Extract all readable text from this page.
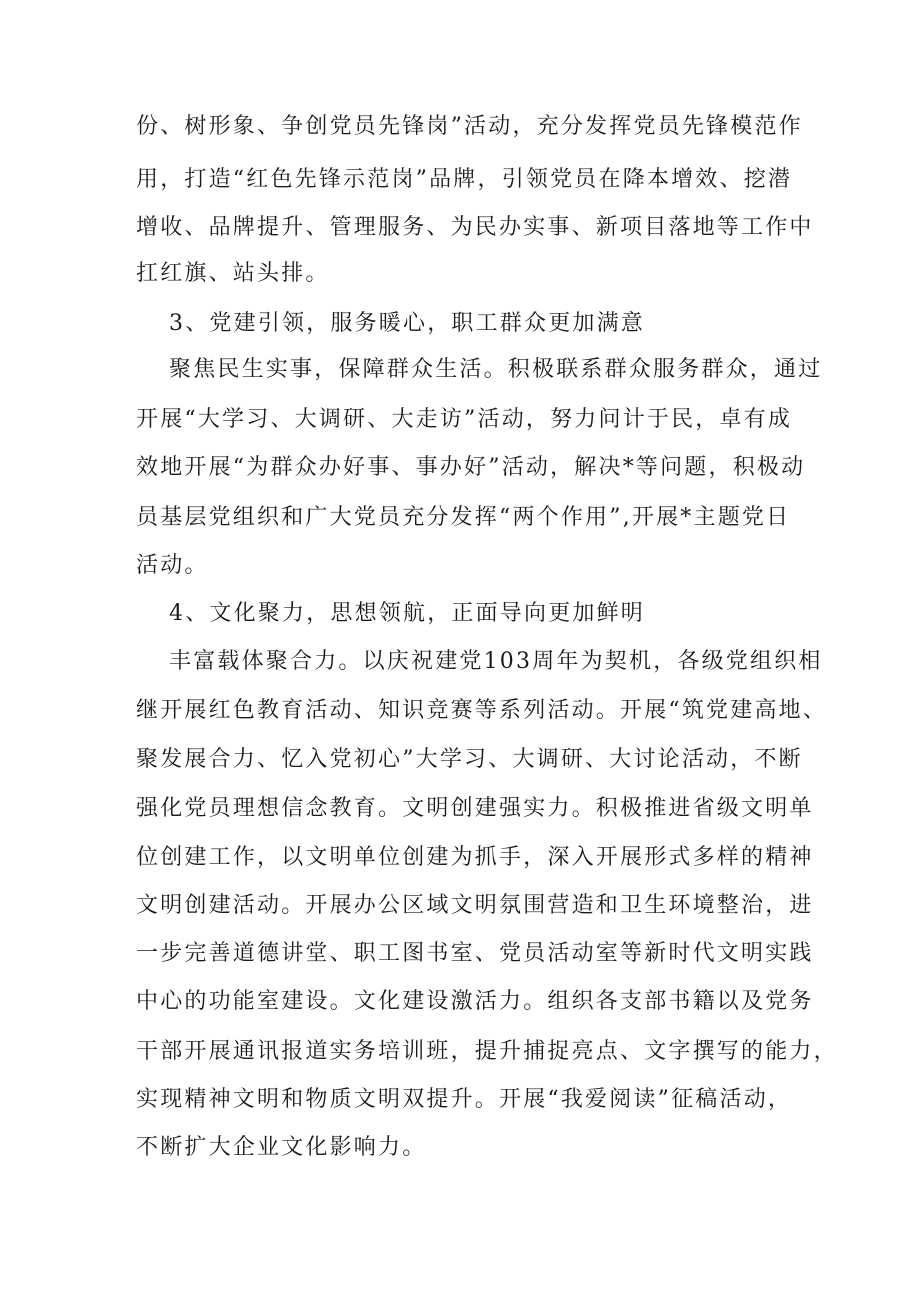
份、树形象、争创党员先锋岗”活动，充分发挥党员先锋模范作
用，打造“红色先锋示范岗”品牌，引领党员在降本增效、挖潜
增收、品牌提升、管理服务、为民办实事、新项目落地等工作中
扛红旗、站头排。
3、党建引领，服务暖心，职工群众更加满意
聚焦民生实事，保障群众生活。积极联系群众服务群众，通过
开展“大学习、大调研、大走访”活动，努力问计于民，卓有成
效地开展“为群众办好事、事办好”活动，解决*等问题，积极动
员基层党组织和广大党员充分发挥“两个作用”,开展*主题党日
活动。
4、文化聚力，思想领航，正面导向更加鲜明
丰富载体聚合力。以庆祝建党103周年为契机，各级党组织相
继开展红色教育活动、知识竞赛等系列活动。开展“筑党建高地、
聚发展合力、忆入党初心”大学习、大调研、大讨论活动，不断
强化党员理想信念教育。文明创建强实力。积极推进省级文明单
位创建工作，以文明单位创建为抓手，深入开展形式多样的精神
文明创建活动。开展办公区域文明氛围营造和卫生环境整治，进
一步完善道德讲堂、职工图书室、党员活动室等新时代文明实践
中心的功能室建设。文化建设激活力。组织各支部书籍以及党务
干部开展通讯报道实务培训班，提升捕捉亮点、文字撰写的能力，
实现精神文明和物质文明双提升。开展“我爱阅读”征稿活动，
不断扩大企业文化影响力。
